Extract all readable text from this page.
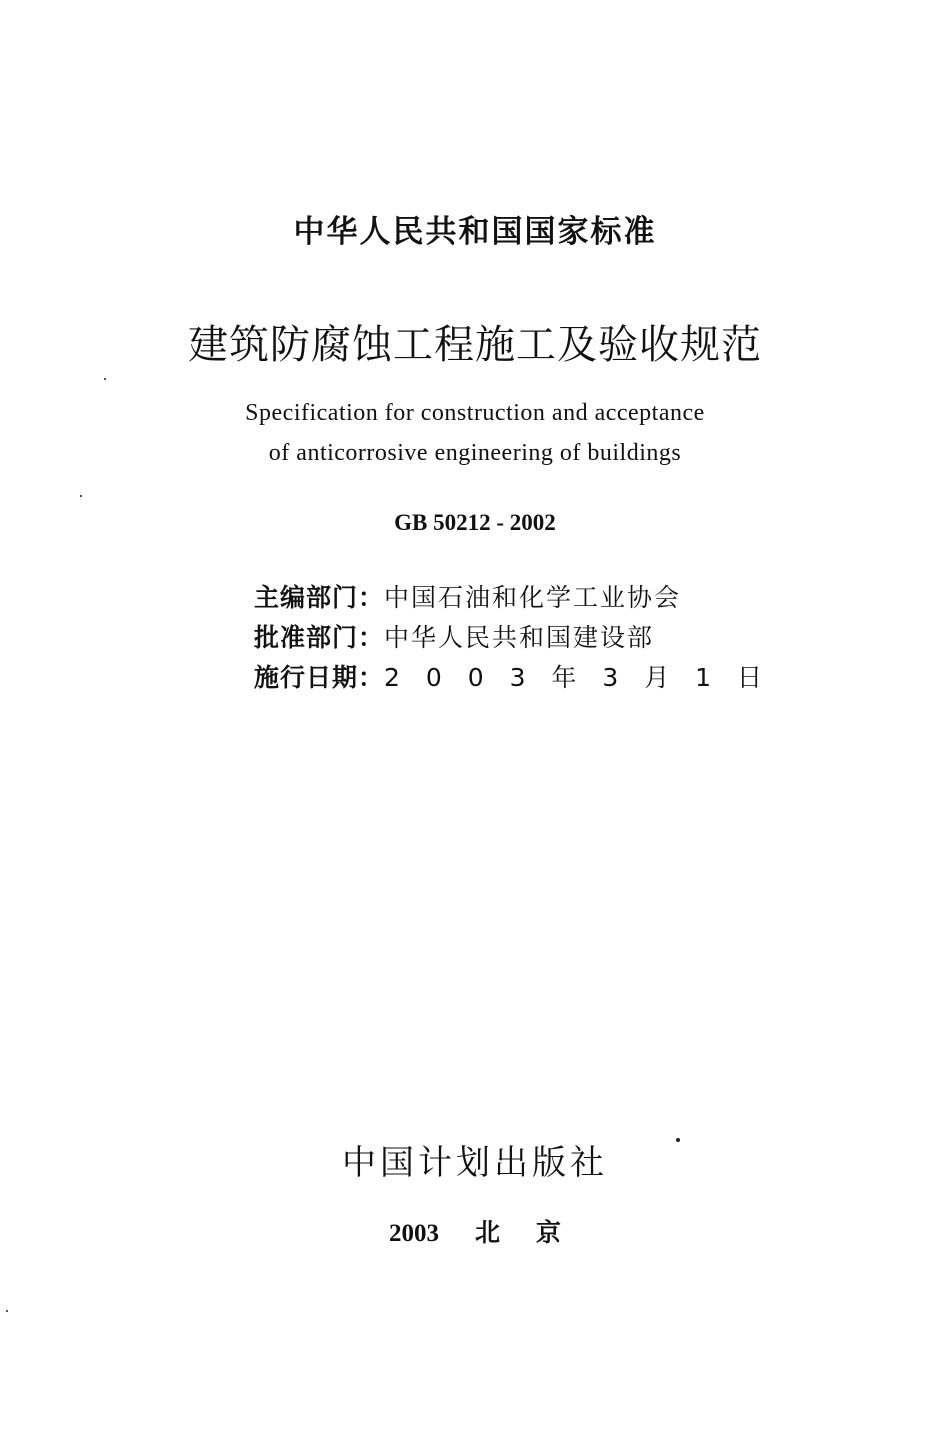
中华人民共和国国家标准
建筑防腐蚀工程施工及验收规范
Specification for construction and acceptance
of anticorrosive engineering of buildings
GB 50212 - 2002
主编部门：中国石油和化学工业协会
批准部门：中华人民共和国建设部
施行日期：2 0 0 3 年 3 月 1 日
中国计划出版社
2003 北 京
